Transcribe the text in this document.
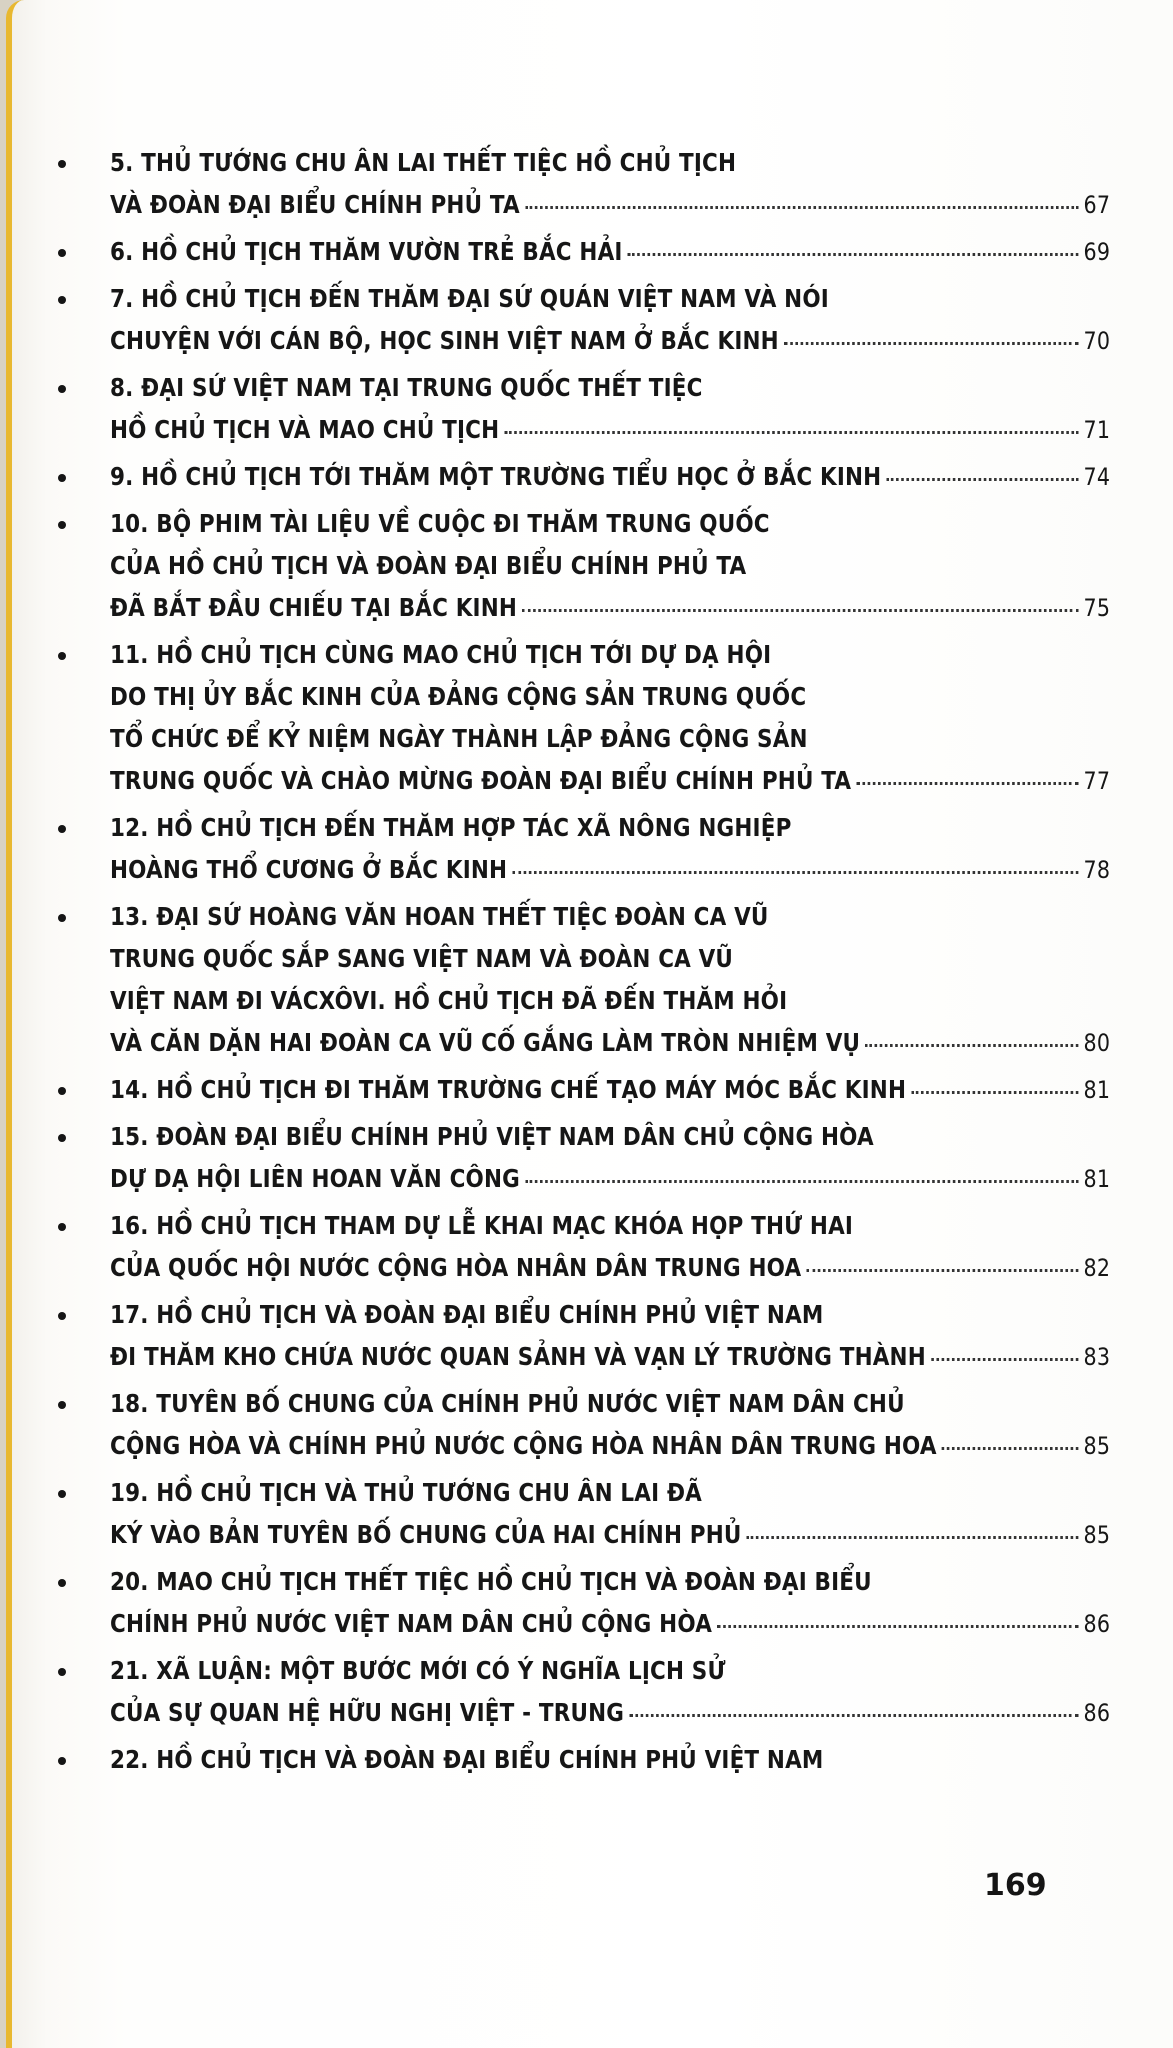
5. THỦ TƯỚNG CHU ÂN LAI THẾT TIỆC HỒ CHỦ TỊCH
VÀ ĐOÀN ĐẠI BIỂU CHÍNH PHỦ TA	67
6. HỒ CHỦ TỊCH THĂM VƯỜN TRẺ BẮC HẢI	69
7. HỒ CHỦ TỊCH ĐẾN THĂM ĐẠI SỨ QUÁN VIỆT NAM VÀ NÓI
CHUYỆN VỚI CÁN BỘ, HỌC SINH VIỆT NAM Ở BẮC KINH	70
8. ĐẠI SỨ VIỆT NAM TẠI TRUNG QUỐC THẾT TIỆC
HỒ CHỦ TỊCH VÀ MAO CHỦ TỊCH	71
9. HỒ CHỦ TỊCH TỚI THĂM MỘT TRƯỜNG TIỂU HỌC Ở BẮC KINH	74
10. BỘ PHIM TÀI LIỆU VỀ CUỘC ĐI THĂM TRUNG QUỐC
CỦA HỒ CHỦ TỊCH VÀ ĐOÀN ĐẠI BIỂU CHÍNH PHỦ TA
ĐÃ BẮT ĐẦU CHIẾU TẠI BẮC KINH	75
11. HỒ CHỦ TỊCH CÙNG MAO CHỦ TỊCH TỚI DỰ DẠ HỘI
DO THỊ ỦY BẮC KINH CỦA ĐẢNG CỘNG SẢN TRUNG QUỐC
TỔ CHỨC ĐỂ KỶ NIỆM NGÀY THÀNH LẬP ĐẢNG CỘNG SẢN
TRUNG QUỐC VÀ CHÀO MỪNG ĐOÀN ĐẠI BIỂU CHÍNH PHỦ TA	77
12. HỒ CHỦ TỊCH ĐẾN THĂM HỢP TÁC XÃ NÔNG NGHIỆP
HOÀNG THỔ CƯƠNG Ở BẮC KINH	78
13. ĐẠI SỨ HOÀNG VĂN HOAN THẾT TIỆC ĐOÀN CA VŨ
TRUNG QUỐC SẮP SANG VIỆT NAM VÀ ĐOÀN CA VŨ
VIỆT NAM ĐI VÁCXÔVI. HỒ CHỦ TỊCH ĐÃ ĐẾN THĂM HỎI
VÀ CĂN DẶN HAI ĐOÀN CA VŨ CỐ GẮNG LÀM TRÒN NHIỆM VỤ	80
14. HỒ CHỦ TỊCH ĐI THĂM TRƯỜNG CHẾ TẠO MÁY MÓC BẮC KINH	81
15. ĐOÀN ĐẠI BIỂU CHÍNH PHỦ VIỆT NAM DÂN CHỦ CỘNG HÒA
DỰ DẠ HỘI LIÊN HOAN VĂN CÔNG	81
16. HỒ CHỦ TỊCH THAM DỰ LỄ KHAI MẠC KHÓA HỌP THỨ HAI
CỦA QUỐC HỘI NƯỚC CỘNG HÒA NHÂN DÂN TRUNG HOA	82
17. HỒ CHỦ TỊCH VÀ ĐOÀN ĐẠI BIỂU CHÍNH PHỦ VIỆT NAM
ĐI THĂM KHO CHỨA NƯỚC QUAN SẢNH VÀ VẠN LÝ TRƯỜNG THÀNH	83
18. TUYÊN BỐ CHUNG CỦA CHÍNH PHỦ NƯỚC VIỆT NAM DÂN CHỦ
CỘNG HÒA VÀ CHÍNH PHỦ NƯỚC CỘNG HÒA NHÂN DÂN TRUNG HOA	85
19. HỒ CHỦ TỊCH VÀ THỦ TƯỚNG CHU ÂN LAI ĐÃ
KÝ VÀO BẢN TUYÊN BỐ CHUNG CỦA HAI CHÍNH PHỦ	85
20. MAO CHỦ TỊCH THẾT TIỆC HỒ CHỦ TỊCH VÀ ĐOÀN ĐẠI BIỂU
CHÍNH PHỦ NƯỚC VIỆT NAM DÂN CHỦ CỘNG HÒA	86
21. XÃ LUẬN: MỘT BƯỚC MỚI CÓ Ý NGHĨA LỊCH SỬ
CỦA SỰ QUAN HỆ HỮU NGHỊ VIỆT - TRUNG	86
22. HỒ CHỦ TỊCH VÀ ĐOÀN ĐẠI BIỂU CHÍNH PHỦ VIỆT NAM
169
